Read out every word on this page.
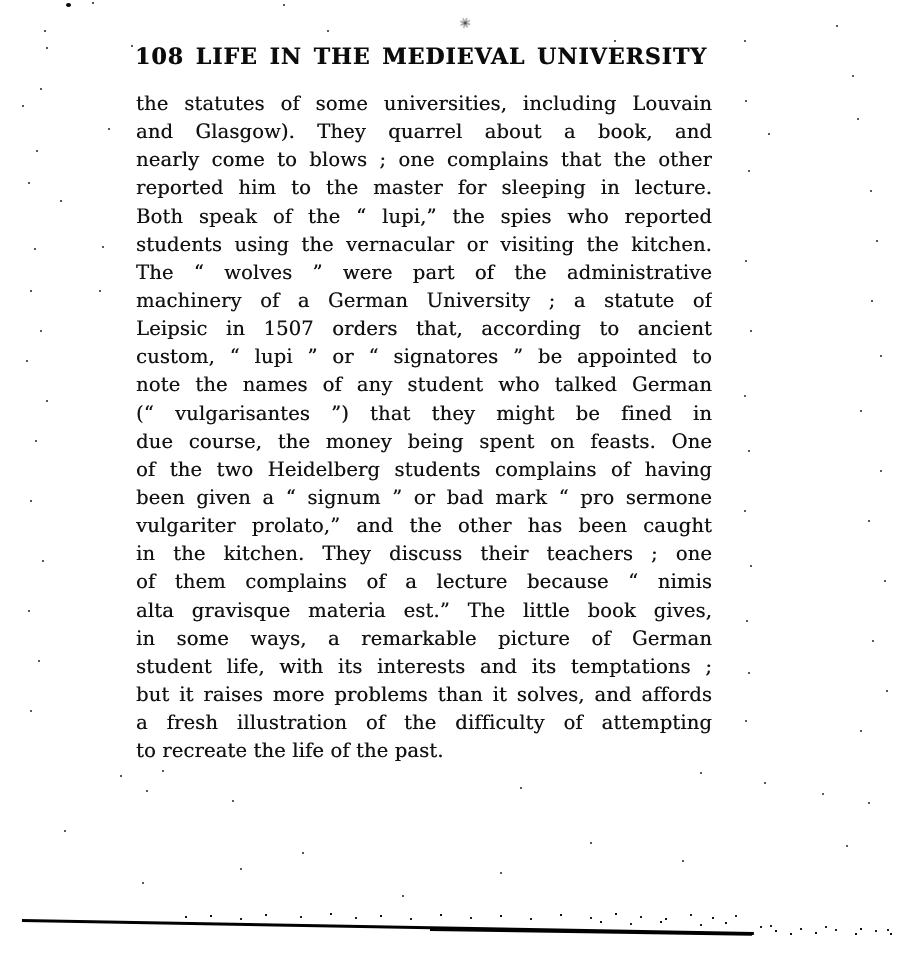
✳
108 LIFE IN THE MEDIEVAL UNIVERSITY
the statutes of some universities, including Louvain
and Glasgow). They quarrel about a book, and
nearly come to blows ; one complains that the other
reported him to the master for sleeping in lecture.
Both speak of the “ lupi,” the spies who reported
students using the vernacular or visiting the kitchen.
The “ wolves ” were part of the administrative
machinery of a German University ; a statute of
Leipsic in 1507 orders that, according to ancient
custom, “ lupi ” or “ signatores ” be appointed to
note the names of any student who talked German
(“ vulgarisantes ”) that they might be fined in
due course, the money being spent on feasts. One
of the two Heidelberg students complains of having
been given a “ signum ” or bad mark “ pro sermone
vulgariter prolato,” and the other has been caught
in the kitchen. They discuss their teachers ; one
of them complains of a lecture because “ nimis
alta gravisque materia est.” The little book gives,
in some ways, a remarkable picture of German
student life, with its interests and its temptations ;
but it raises more problems than it solves, and affords
a fresh illustration of the difficulty of attempting
to recreate the life of the past.
